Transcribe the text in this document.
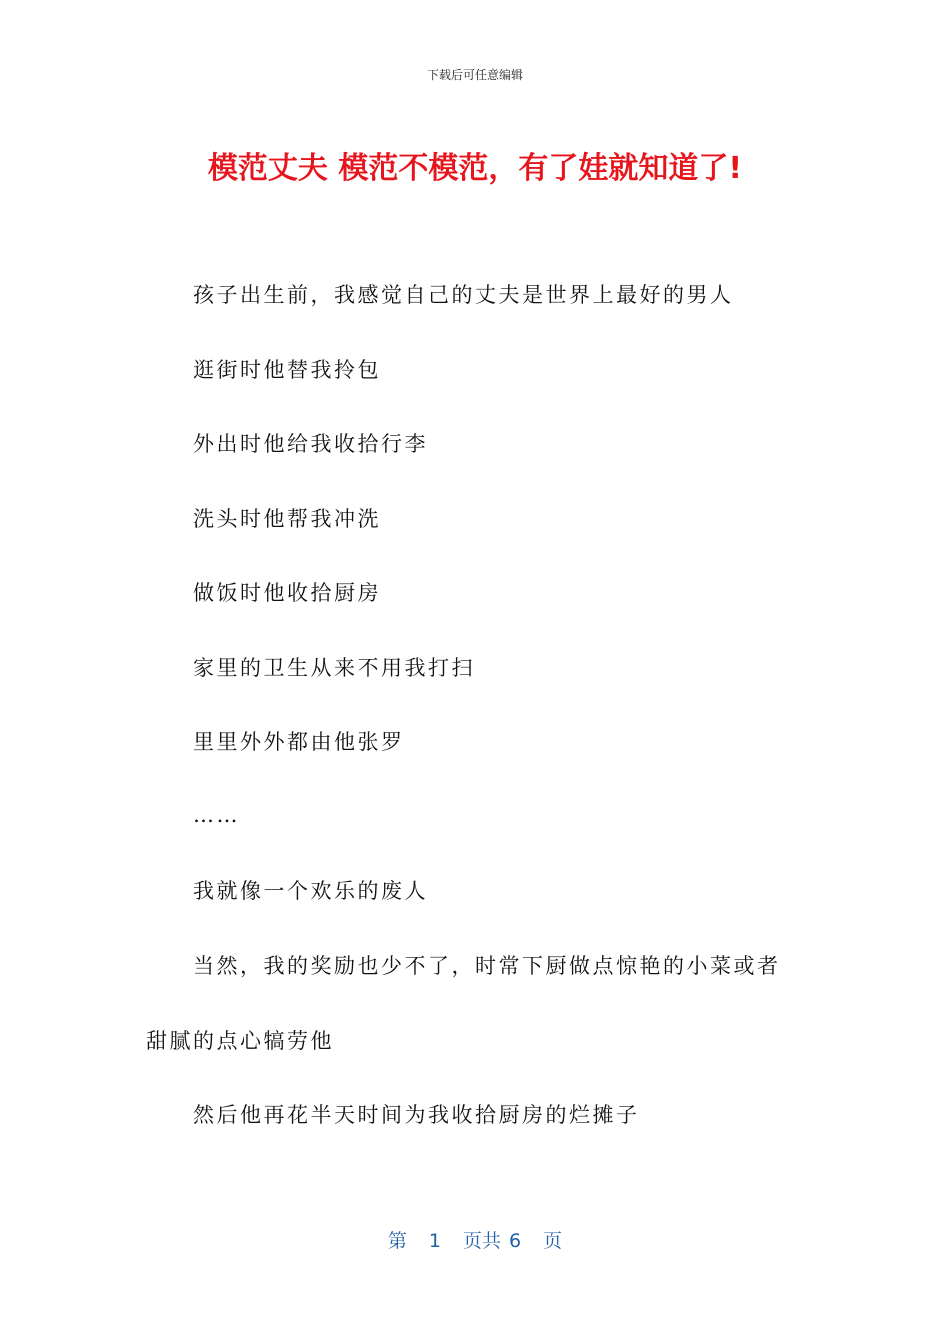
下载后可任意编辑
模范丈夫 模范不模范，有了娃就知道了!
孩子出生前，我感觉自己的丈夫是世界上最好的男人
逛街时他替我拎包
外出时他给我收拾行李
洗头时他帮我冲洗
做饭时他收拾厨房
家里的卫生从来不用我打扫
里里外外都由他张罗
……
我就像一个欢乐的废人
当然，我的奖励也少不了，时常下厨做点惊艳的小菜或者
甜腻的点心犒劳他
然后他再花半天时间为我收拾厨房的烂摊子
第 1 页共 6 页
